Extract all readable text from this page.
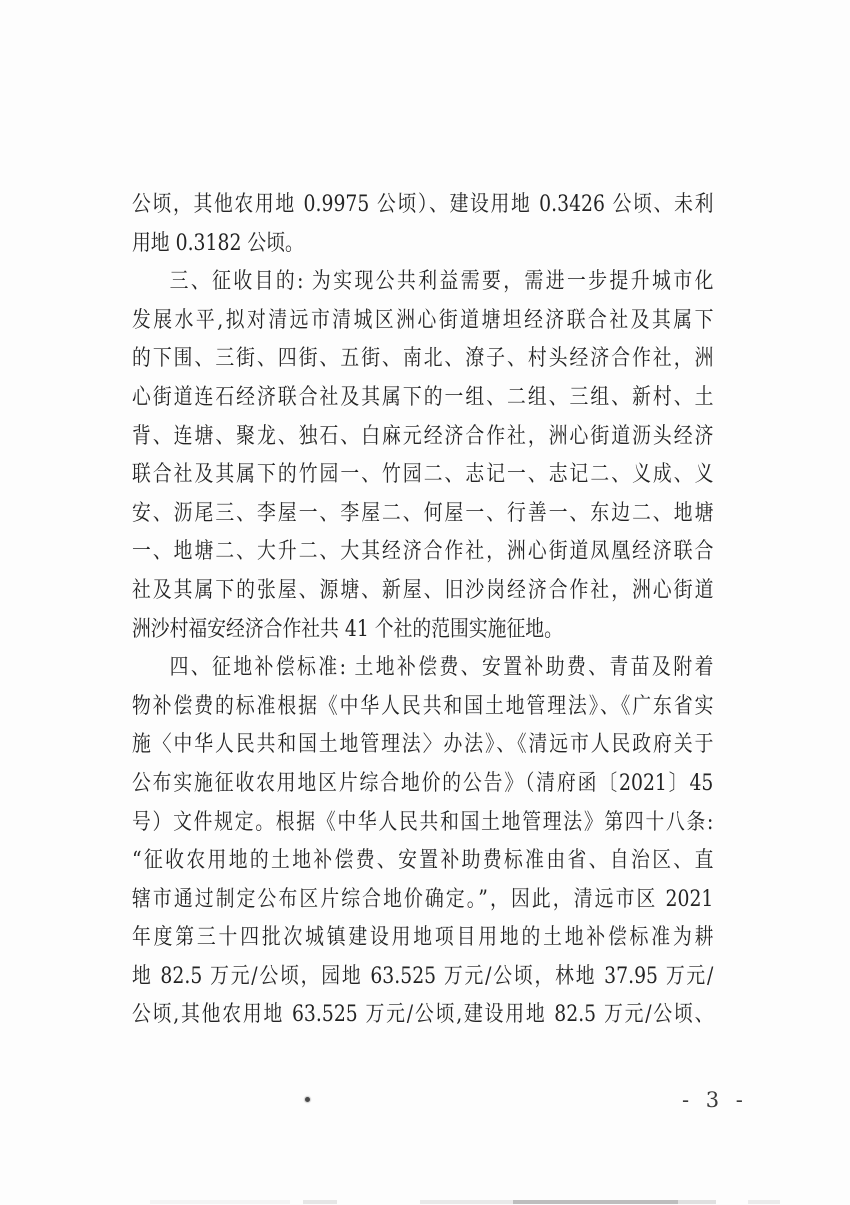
公顷，其他农用地 0.9975 公顷）、建设用地 0.3426 公顷、未利
用地 0.3182 公顷。
三、征收目的: 为实现公共利益需要，需进一步提升城市化
发展水平,拟对清远市清城区洲心街道塘坦经济联合社及其属下
的下围、三街、四街、五街、南北、潦子、村头经济合作社，洲
心街道连石经济联合社及其属下的一组、二组、三组、新村、土
背、连塘、聚龙、独石、白麻元经济合作社，洲心街道沥头经济
联合社及其属下的竹园一、竹园二、志记一、志记二、义成、义
安、沥尾三、李屋一、李屋二、何屋一、行善一、东边二、地塘
一、地塘二、大升二、大其经济合作社，洲心街道凤凰经济联合
社及其属下的张屋、源塘、新屋、旧沙岗经济合作社，洲心街道
洲沙村福安经济合作社共 41 个社的范围实施征地。
四、征地补偿标准: 土地补偿费、安置补助费、青苗及附着
物补偿费的标准根据《中华人民共和国土地管理法》、《广东省实
施〈中华人民共和国土地管理法〉办法》、《清远市人民政府关于
公布实施征收农用地区片综合地价的公告》（清府函〔2021〕45
号）文件规定。根据《中华人民共和国土地管理法》第四十八条:
“征收农用地的土地补偿费、安置补助费标准由省、自治区、直
辖市通过制定公布区片综合地价确定。”，因此，清远市区 2021
年度第三十四批次城镇建设用地项目用地的土地补偿标准为耕
地 82.5 万元/公顷，园地 63.525 万元/公顷，林地 37.95 万元/
公顷,其他农用地 63.525 万元/公顷,建设用地 82.5 万元/公顷、
- 3 -
